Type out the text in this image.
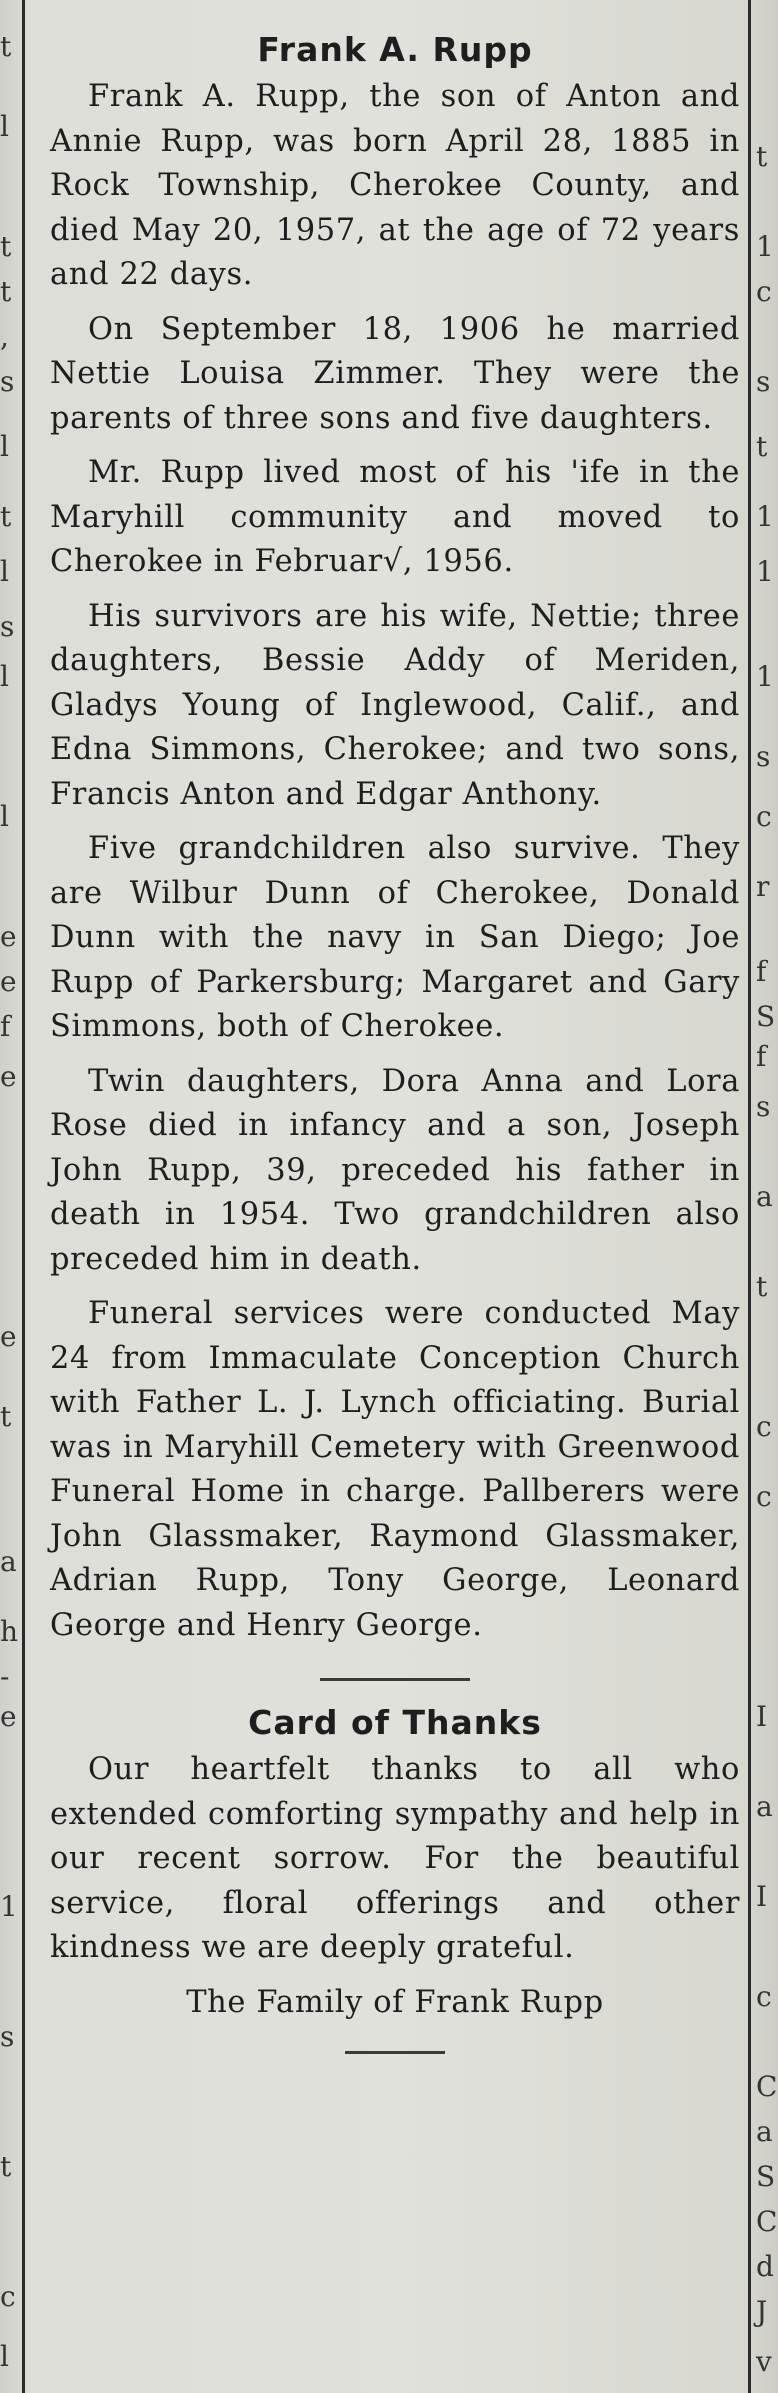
t
l
t
t
,
s
l
t
l
s
l
l
e
e
f
e
e
t
a
h
-
e
1
s
t
c
l
t
1
c
s
t
1
1
1
s
c
r
f
S
f
s
a
t
c
c
I
a
I
c
C
a
S
C
d
J
v
Frank A. Rupp

Frank A. Rupp, the son of Anton and Annie Rupp, was born April 28, 1885 in Rock Township, Cherokee County, and died May 20, 1957, at the age of 72 years and 22 days.

On September 18, 1906 he married Nettie Louisa Zimmer. They were the parents of three sons and five daughters.

Mr. Rupp lived most of his 'ife in the Maryhill community and moved to Cherokee in Februar√, 1956.

His survivors are his wife, Nettie; three daughters, Bessie Addy of Meriden, Gladys Young of Inglewood, Calif., and Edna Simmons, Cherokee; and two sons, Francis Anton and Edgar Anthony.

Five grandchildren also survive. They are Wilbur Dunn of Cherokee, Donald Dunn with the navy in San Diego; Joe Rupp of Parkersburg; Margaret and Gary Simmons, both of Cherokee.

Twin daughters, Dora Anna and Lora Rose died in infancy and a son, Joseph John Rupp, 39, preceded his father in death in 1954. Two grandchildren also preceded him in death.

Funeral services were conducted May 24 from Immaculate Conception Church with Father L. J. Lynch officiating. Burial was in Maryhill Cemetery with Greenwood Funeral Home in charge. Pallberers were John Glassmaker, Raymond Glassmaker, Adrian Rupp, Tony George, Leonard George and Henry George.

Card of Thanks

Our heartfelt thanks to all who extended comforting sympathy and help in our recent sorrow. For the beautiful service, floral offerings and other kindness we are deeply grateful.

The Family of Frank Rupp
